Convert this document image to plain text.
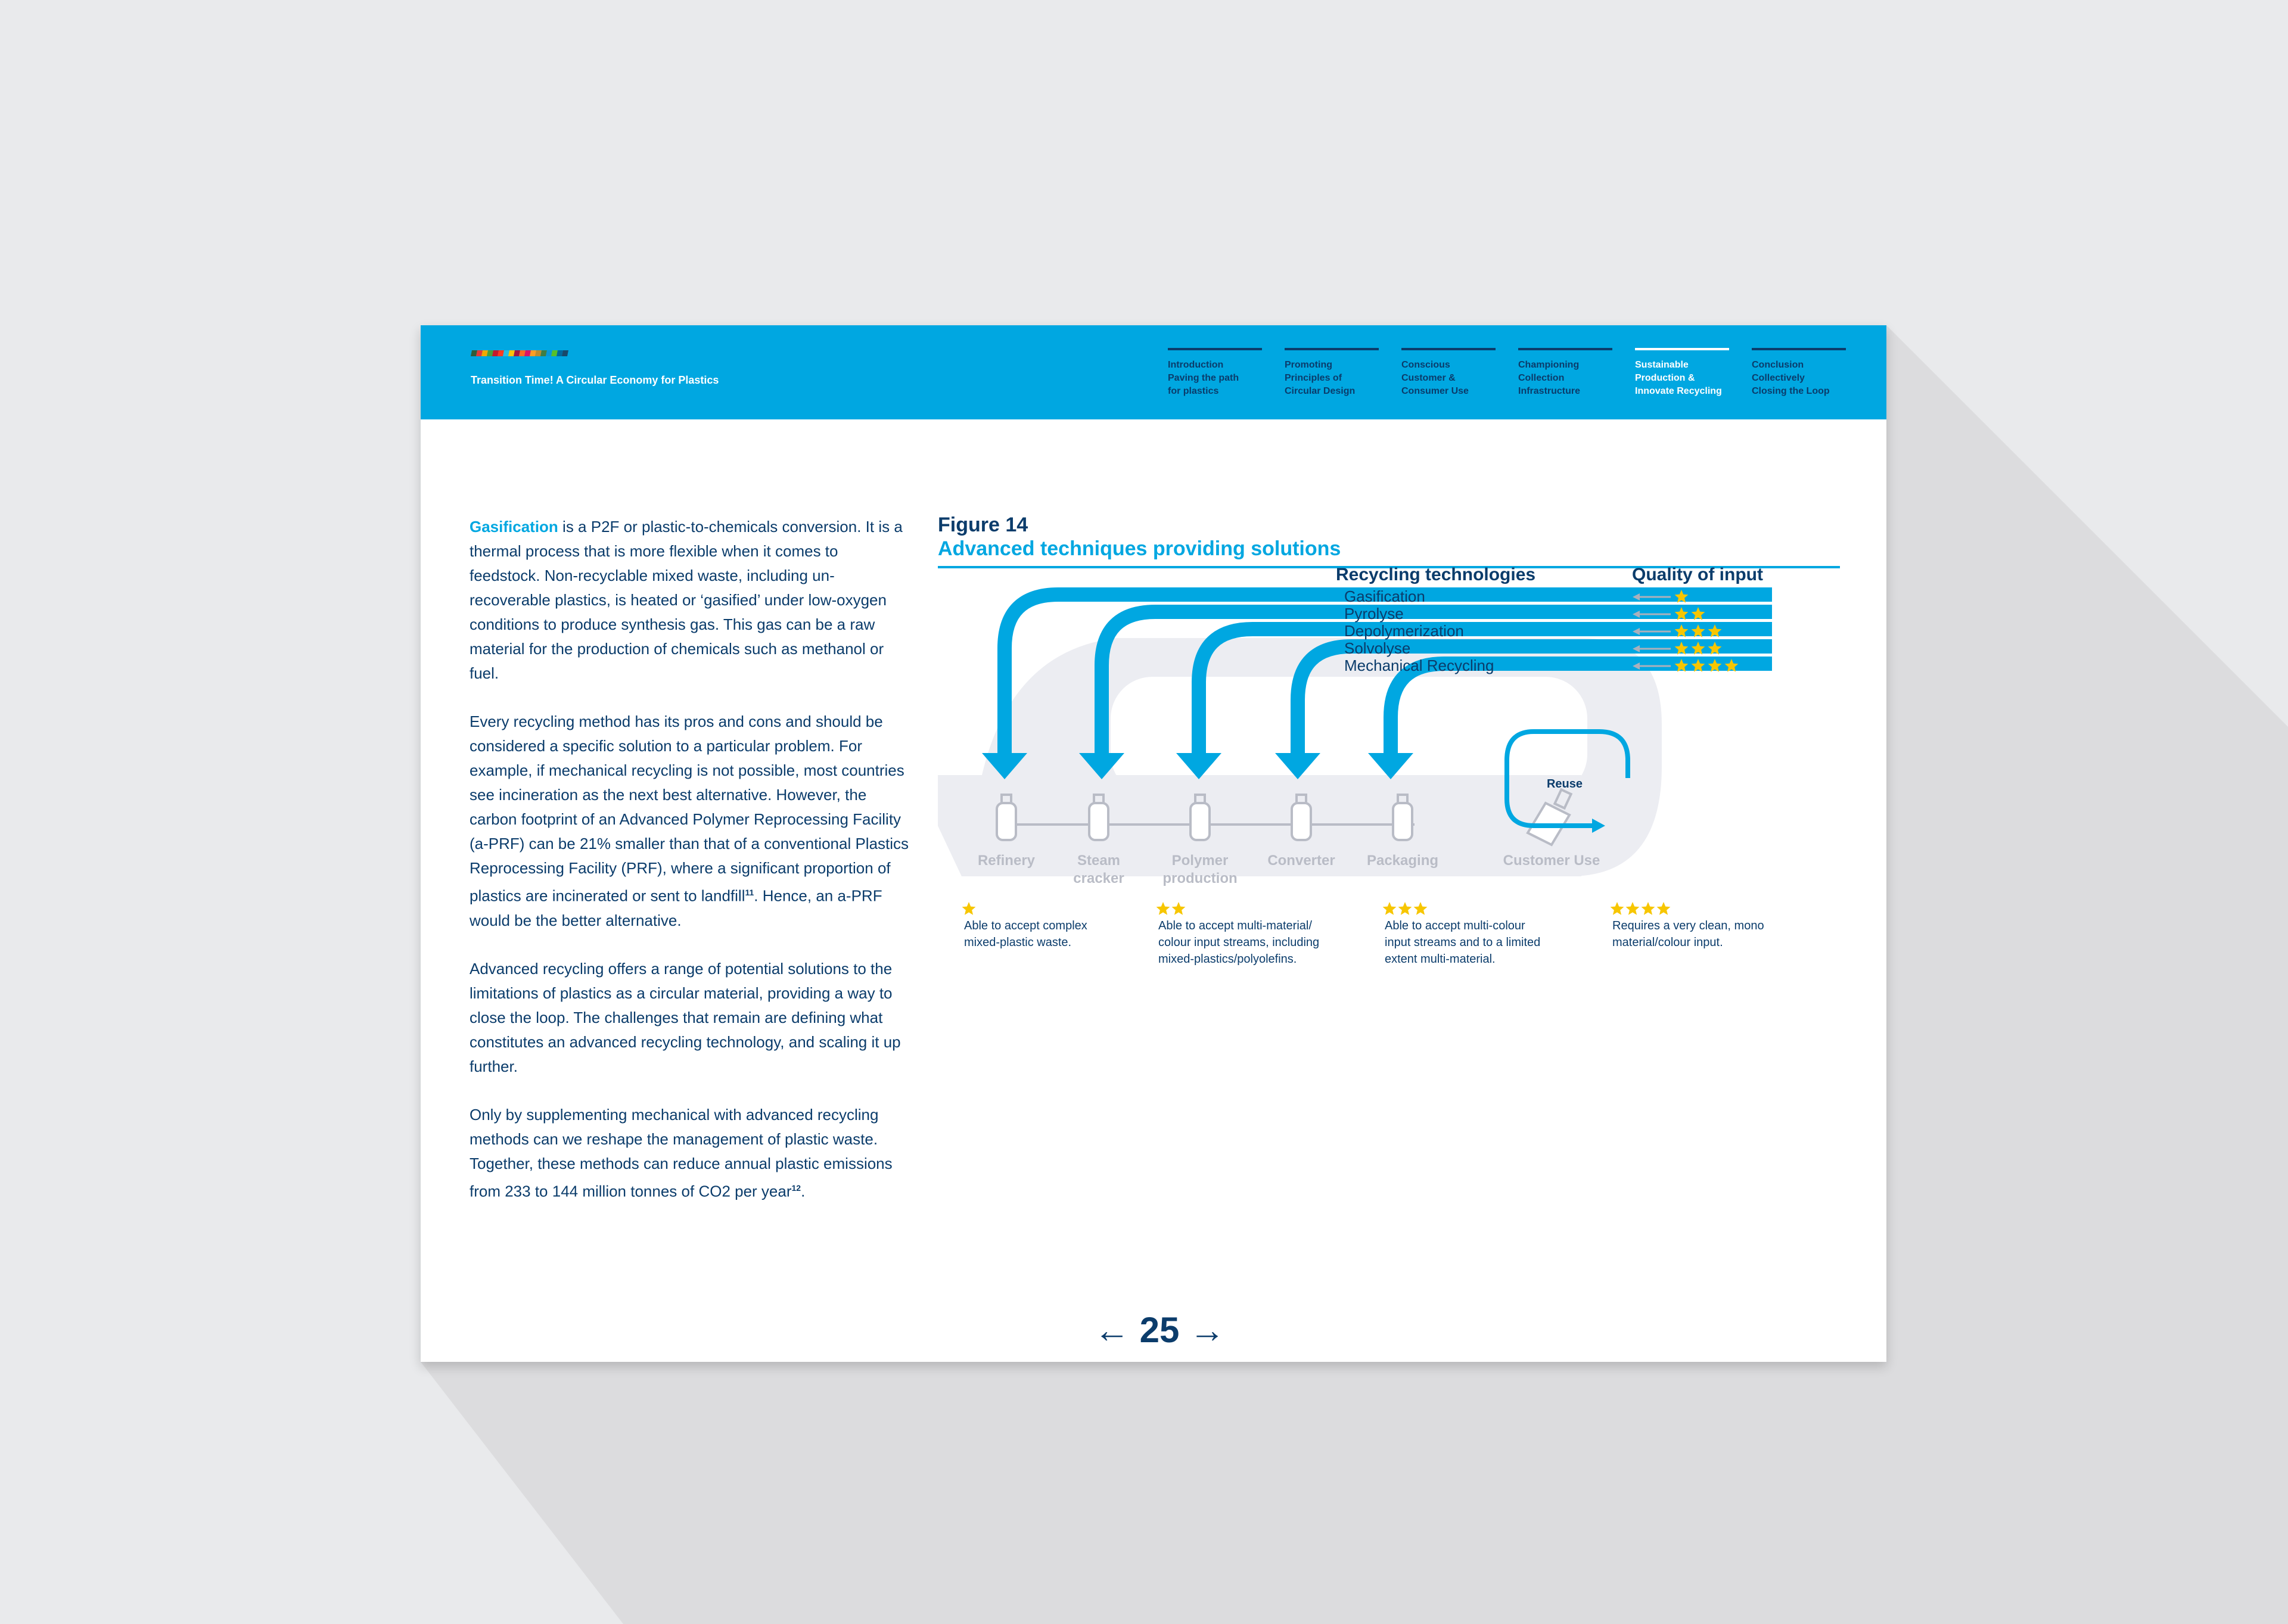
Transition Time! A Circular Economy for Plastics
Introduction
Paving the path
for plastics
Promoting
Principles of
Circular Design
Conscious
Customer &
Consumer Use
Championing
Collection
Infrastructure
Sustainable
Production &
Innovate Recycling
Conclusion
Collectively
Closing the Loop

Gasification is a P2F or plastic-to-chemicals conversion. It is a thermal process that is more flexible when it comes to feedstock. Non-recyclable mixed waste, including un-recoverable plastics, is heated or ‘gasified’ under low-oxygen conditions to produce synthesis gas. This gas can be a raw material for the production of chemicals such as methanol or fuel.

Every recycling method has its pros and cons and should be considered a specific solution to a particular problem. For example, if mechanical recycling is not possible, most countries see incineration as the next best alternative. However, the carbon footprint of an Advanced Polymer Reprocessing Facility (a-PRF) can be 21% smaller than that of a conventional Plastics Reprocessing Facility (PRF), where a significant proportion of plastics are incinerated or sent to landfill$^{11}$. Hence, an a-PRF would be the better alternative.

Advanced recycling offers a range of potential solutions to the limitations of plastics as a circular material, providing a way to close the loop. The challenges that remain are defining what constitutes an advanced recycling technology, and scaling it up further.

Only by supplementing mechanical with advanced recycling methods can we reshape the management of plastic waste. Together, these methods can reduce annual plastic emissions from 233 to 144 million tonnes of CO2 per year$^{12}$.

Figure 14
Advanced techniques providing solutions
Refinery	Steam
cracker
Polymer
production
Converter Packaging	Customer Use
Recycling technologies
Gasification
Pyrolyse
Depolymerization
Solvolyse
Mechanical Recycling
Quality of input
Reuse
Able to accept complex
mixed-plastic waste.
Able to accept multi-material/
colour input streams, including
mixed-plastics/polyolefins.
Able to accept multi-colour
input streams and to a limited
extent multi-material.
Requires a very clean, mono
material/colour input.
← 25 →
